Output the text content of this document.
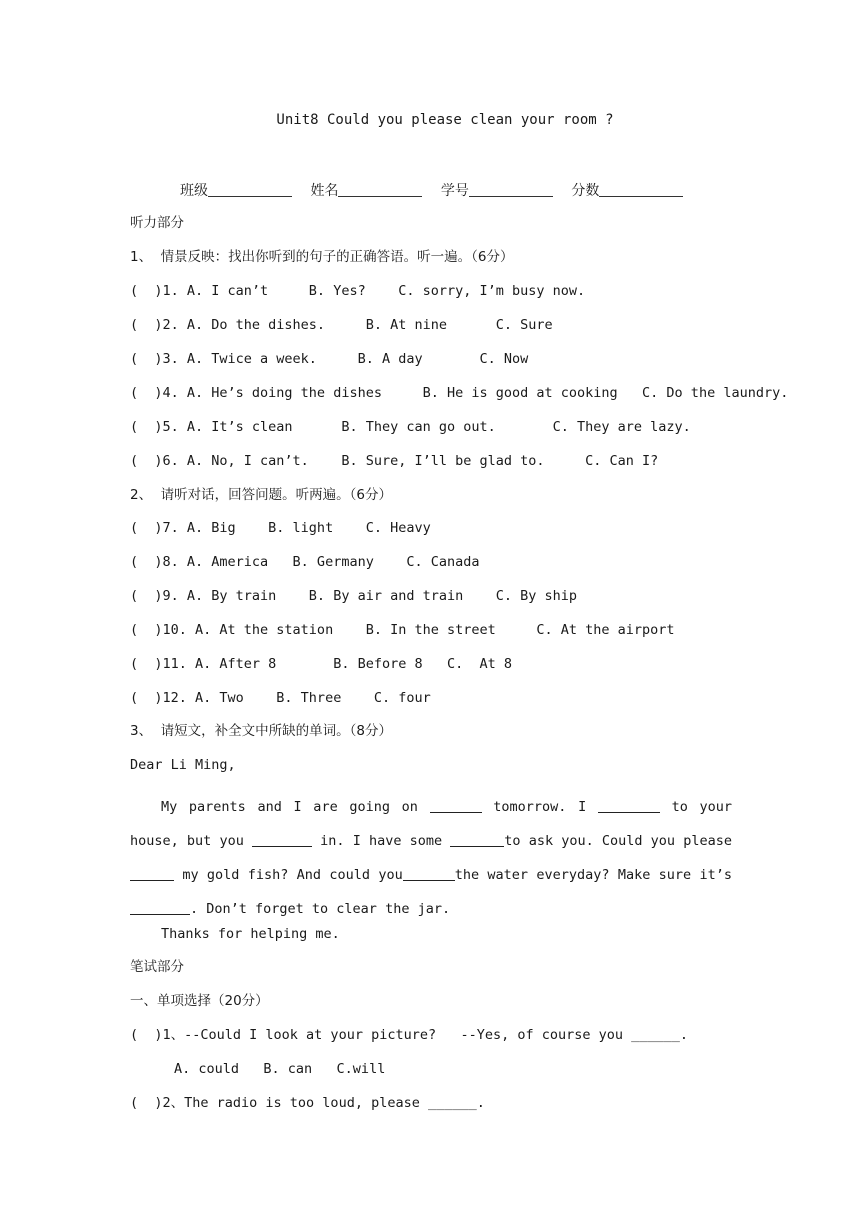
Unit8 Could you please clean your room ?
班级	姓名	学号	分数
听力部分
1、  情景反映：找出你听到的句子的正确答语。听一遍。（6分）
(  )1. A. I can’t     B. Yes?    C. sorry, I’m busy now.
(  )2. A. Do the dishes.     B. At nine      C. Sure
(  )3. A. Twice a week.     B. A day       C. Now
(  )4. A. He’s doing the dishes     B. He is good at cooking   C. Do the laundry.
(  )5. A. It’s clean      B. They can go out.       C. They are lazy.
(  )6. A. No, I can’t.    B. Sure, I’ll be glad to.     C. Can I?
2、  请听对话，回答问题。听两遍。（6分）
(  )7. A. Big    B. light    C. Heavy
(  )8. A. America   B. Germany    C. Canada
(  )9. A. By train    B. By air and train    C. By ship
(  )10. A. At the station    B. In the street     C. At the airport
(  )11. A. After 8       B. Before 8   C.  At 8
(  )12. A. Two    B. Three    C. four
3、  请短文，补全文中所缺的单词。（8分）
Dear Li Ming,
My parents and I are going on	tomorrow. I	to your house, but you	in. I have some	to ask you. Could you please  my gold fish? And could you	the water everyday? Make sure it’s . Don’t forget to clear the jar.
Thanks for helping me.
笔试部分
一、单项选择（20分）
(  )1、--Could I look at your picture?   --Yes, of course you ______.
A. could   B. can   C.will
(  )2、The radio is too loud, please ______.
